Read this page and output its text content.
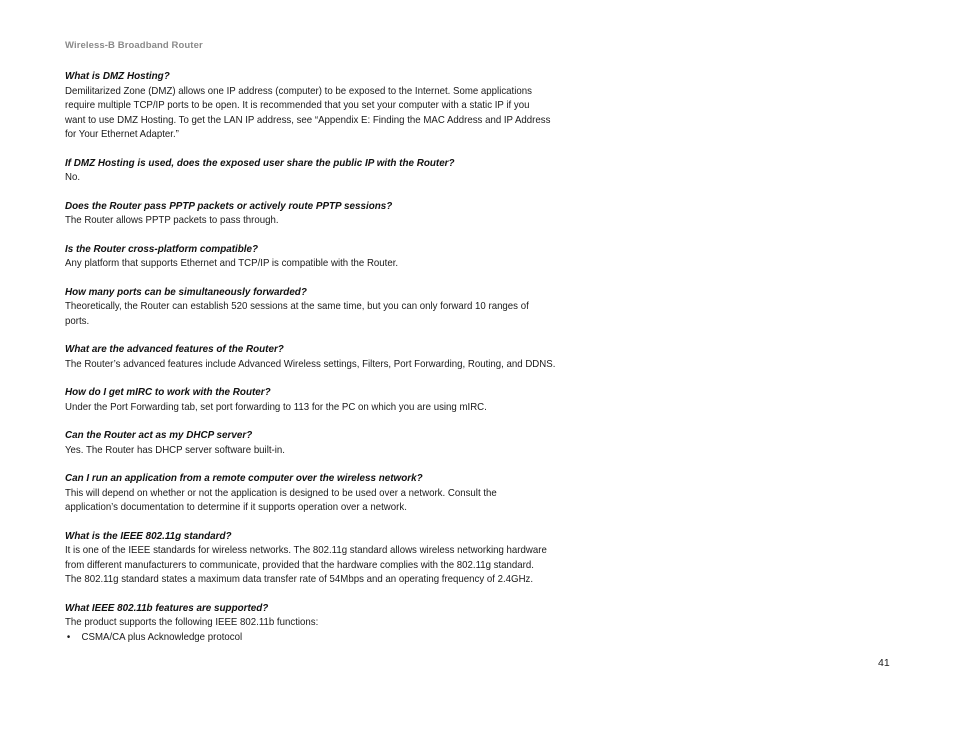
Wireless-B Broadband Router
What is DMZ Hosting?
Demilitarized Zone (DMZ) allows one IP address (computer) to be exposed to the Internet. Some applications
require multiple TCP/IP ports to be open. It is recommended that you set your computer with a static IP if you
want to use DMZ Hosting. To get the LAN IP address, see “Appendix E: Finding the MAC Address and IP Address
for Your Ethernet Adapter.”
If DMZ Hosting is used, does the exposed user share the public IP with the Router?
No.
Does the Router pass PPTP packets or actively route PPTP sessions?
The Router allows PPTP packets to pass through.
Is the Router cross-platform compatible?
Any platform that supports Ethernet and TCP/IP is compatible with the Router.
How many ports can be simultaneously forwarded?
Theoretically, the Router can establish 520 sessions at the same time, but you can only forward 10 ranges of
ports.
What are the advanced features of the Router?
The Router’s advanced features include Advanced Wireless settings, Filters, Port Forwarding, Routing, and DDNS.
How do I get mIRC to work with the Router?
Under the Port Forwarding tab, set port forwarding to 113 for the PC on which you are using mIRC.
Can the Router act as my DHCP server?
Yes. The Router has DHCP server software built-in.
Can I run an application from a remote computer over the wireless network?
This will depend on whether or not the application is designed to be used over a network. Consult the
application’s documentation to determine if it supports operation over a network.
What is the IEEE 802.11g standard?
It is one of the IEEE standards for wireless networks. The 802.11g standard allows wireless networking hardware
from different manufacturers to communicate, provided that the hardware complies with the 802.11g standard.
The 802.11g standard states a maximum data transfer rate of 54Mbps and an operating frequency of 2.4GHz.
What IEEE 802.11b features are supported?
The product supports the following IEEE 802.11b functions:
• CSMA/CA plus Acknowledge protocol
41
